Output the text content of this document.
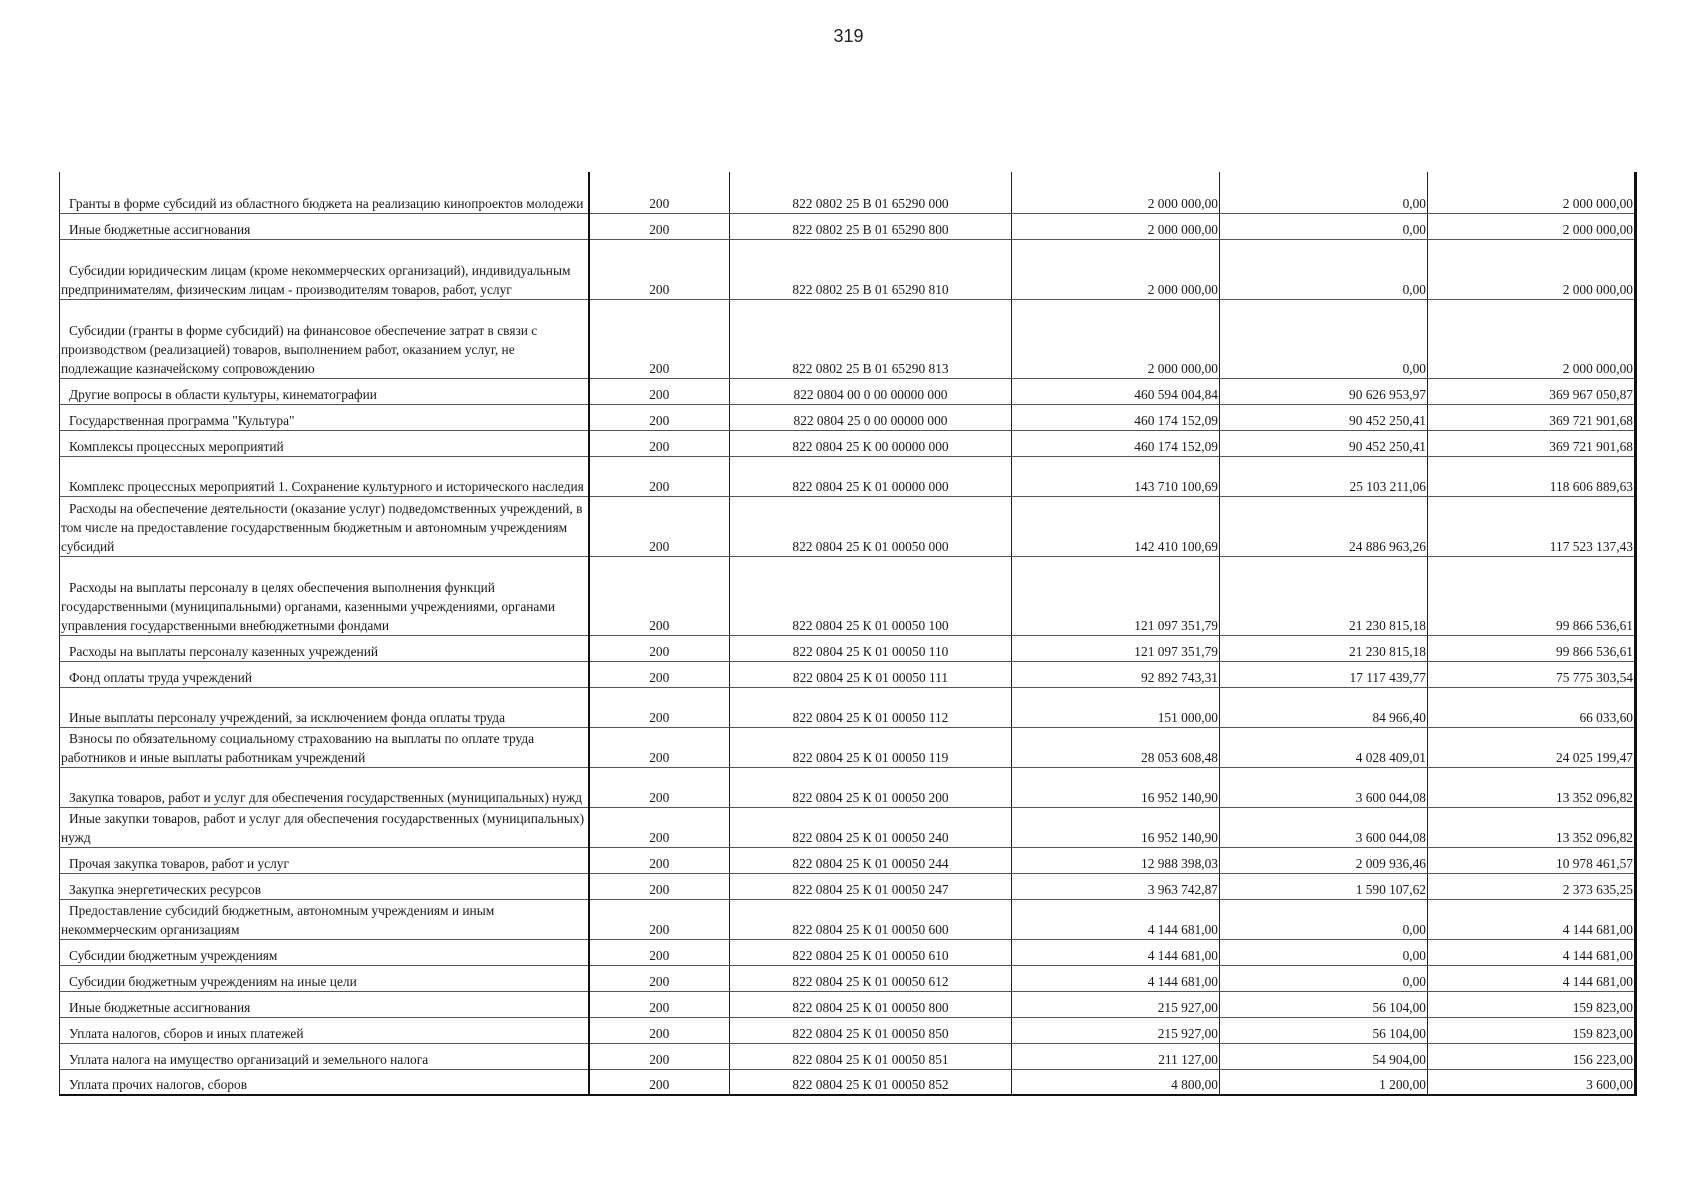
319
Гранты в форме субсидий из областного бюджета на реализацию кинопроектов молодежи	200	822 0802 25 В 01 65290 000	2 000 000,00	0,00	2 000 000,00

Иные бюджетные ассигнования	200	822 0802 25 В 01 65290 800	2 000 000,00	0,00	2 000 000,00

Субсидии юридическим лицам (кроме некоммерческих организаций), индивидуальным предпринимателям, физическим лицам - производителям товаров, работ, услуг	200	822 0802 25 В 01 65290 810	2 000 000,00	0,00	2 000 000,00

Субсидии (гранты в форме субсидий) на финансовое обеспечение затрат в связи с производством (реализацией) товаров, выполнением работ, оказанием услуг, не подлежащие казначейскому сопровождению	200	822 0802 25 В 01 65290 813	2 000 000,00	0,00	2 000 000,00

Другие вопросы в области культуры, кинематографии	200	822 0804 00 0 00 00000 000	460 594 004,84	90 626 953,97	369 967 050,87

Государственная программа "Культура"	200	822 0804 25 0 00 00000 000	460 174 152,09	90 452 250,41	369 721 901,68

Комплексы процессных мероприятий	200	822 0804 25 К 00 00000 000	460 174 152,09	90 452 250,41	369 721 901,68

Комплекс процессных мероприятий 1. Сохранение культурного и исторического наследия	200	822 0804 25 К 01 00000 000	143 710 100,69	25 103 211,06	118 606 889,63

Расходы на обеспечение деятельности (оказание услуг) подведомственных учреждений, в том числе на предоставление государственным бюджетным и автономным учреждениям субсидий	200	822 0804 25 К 01 00050 000	142 410 100,69	24 886 963,26	117 523 137,43

Расходы на выплаты персоналу в целях обеспечения выполнения функций государственными (муниципальными) органами, казенными учреждениями, органами управления государственными внебюджетными фондами	200	822 0804 25 К 01 00050 100	121 097 351,79	21 230 815,18	99 866 536,61

Расходы на выплаты персоналу казенных учреждений	200	822 0804 25 К 01 00050 110	121 097 351,79	21 230 815,18	99 866 536,61

Фонд оплаты труда учреждений	200	822 0804 25 К 01 00050 111	92 892 743,31	17 117 439,77	75 775 303,54

Иные выплаты персоналу учреждений, за исключением фонда оплаты труда	200	822 0804 25 К 01 00050 112	151 000,00	84 966,40	66 033,60

Взносы по обязательному социальному страхованию на выплаты по оплате труда работников и иные выплаты работникам учреждений	200	822 0804 25 К 01 00050 119	28 053 608,48	4 028 409,01	24 025 199,47

Закупка товаров, работ и услуг для обеспечения государственных (муниципальных) нужд	200	822 0804 25 К 01 00050 200	16 952 140,90	3 600 044,08	13 352 096,82

Иные закупки товаров, работ и услуг для обеспечения государственных (муниципальных) нужд	200	822 0804 25 К 01 00050 240	16 952 140,90	3 600 044,08	13 352 096,82

Прочая закупка товаров, работ и услуг	200	822 0804 25 К 01 00050 244	12 988 398,03	2 009 936,46	10 978 461,57

Закупка энергетических ресурсов	200	822 0804 25 К 01 00050 247	3 963 742,87	1 590 107,62	2 373 635,25

Предоставление субсидий бюджетным, автономным учреждениям и иным некоммерческим организациям	200	822 0804 25 К 01 00050 600	4 144 681,00	0,00	4 144 681,00

Субсидии бюджетным учреждениям	200	822 0804 25 К 01 00050 610	4 144 681,00	0,00	4 144 681,00

Субсидии бюджетным учреждениям на иные цели	200	822 0804 25 К 01 00050 612	4 144 681,00	0,00	4 144 681,00

Иные бюджетные ассигнования	200	822 0804 25 К 01 00050 800	215 927,00	56 104,00	159 823,00

Уплата налогов, сборов и иных платежей	200	822 0804 25 К 01 00050 850	215 927,00	56 104,00	159 823,00

Уплата налога на имущество организаций и земельного налога	200	822 0804 25 К 01 00050 851	211 127,00	54 904,00	156 223,00

Уплата прочих налогов, сборов	200	822 0804 25 К 01 00050 852	4 800,00	1 200,00	3 600,00
